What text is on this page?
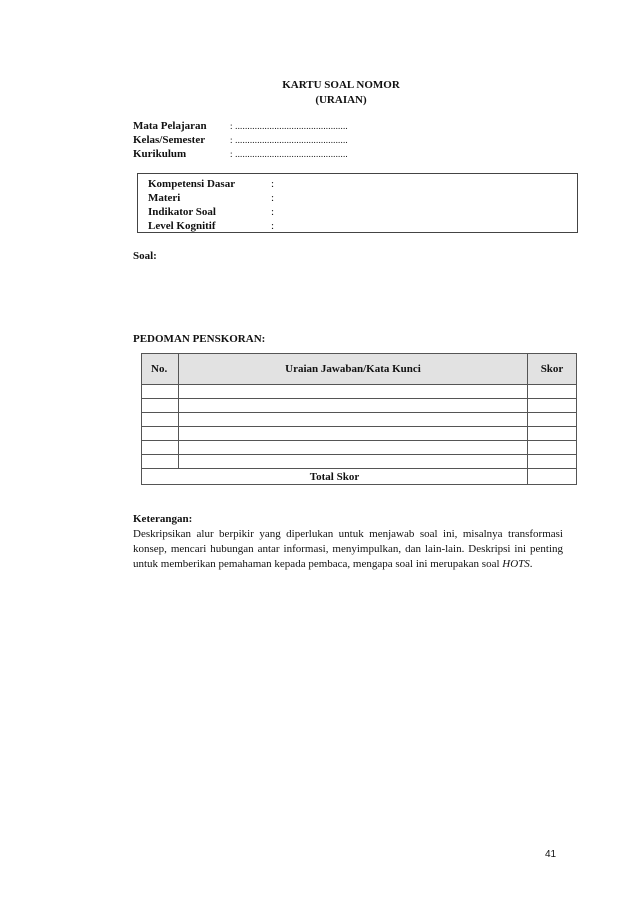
KARTU SOAL NOMOR
(URAIAN)
Mata Pelajaran	: ..............................................
Kelas/Semester	: ..............................................
Kurikulum	: ..............................................
Kompetensi Dasar	:
Materi	:
Indikator Soal	:
Level Kognitif	:
Soal:
PEDOMAN PENSKORAN:
No.	Uraian Jawaban/Kata Kunci	Skor

Total Skor		
Keterangan:
Deskripsikan alur berpikir yang diperlukan untuk menjawab soal ini, misalnya transformasi konsep, mencari hubungan antar informasi, menyimpulkan, dan lain-lain. Deskripsi ini penting untuk memberikan pemahaman kepada pembaca, mengapa soal ini merupakan soal HOTS.
41
